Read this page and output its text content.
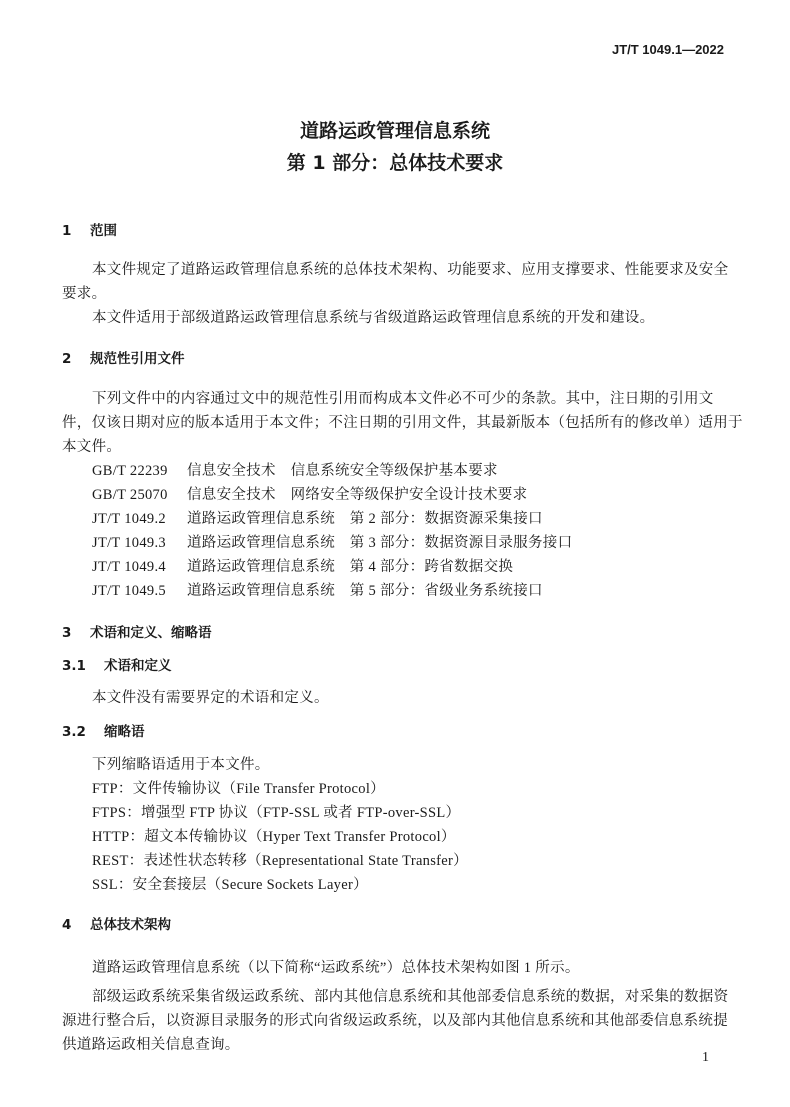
JT/T 1049.1—2022
道路运政管理信息系统
第 1 部分：总体技术要求
1 范围
本文件规定了道路运政管理信息系统的总体技术架构、功能要求、应用支撑要求、性能要求及安全
要求。
本文件适用于部级道路运政管理信息系统与省级道路运政管理信息系统的开发和建设。
2 规范性引用文件
下列文件中的内容通过文中的规范性引用而构成本文件必不可少的条款。其中，注日期的引用文
件，仅该日期对应的版本适用于本文件；不注日期的引用文件，其最新版本（包括所有的修改单）适用于
本文件。
GB/T 22239 信息安全技术　信息系统安全等级保护基本要求
GB/T 25070 信息安全技术　网络安全等级保护安全设计技术要求
JT/T 1049.2 道路运政管理信息系统　第 2 部分：数据资源采集接口
JT/T 1049.3 道路运政管理信息系统　第 3 部分：数据资源目录服务接口
JT/T 1049.4 道路运政管理信息系统　第 4 部分：跨省数据交换
JT/T 1049.5 道路运政管理信息系统　第 5 部分：省级业务系统接口
3 术语和定义、缩略语
3.1 术语和定义
本文件没有需要界定的术语和定义。
3.2 缩略语
下列缩略语适用于本文件。
FTP：文件传输协议（File Transfer Protocol）
FTPS：增强型 FTP 协议（FTP-SSL 或者 FTP-over-SSL）
HTTP：超文本传输协议（Hyper Text Transfer Protocol）
REST：表述性状态转移（Representational State Transfer）
SSL：安全套接层（Secure Sockets Layer）
4 总体技术架构
道路运政管理信息系统（以下简称“运政系统”）总体技术架构如图 1 所示。
部级运政系统采集省级运政系统、部内其他信息系统和其他部委信息系统的数据，对采集的数据资
源进行整合后，以资源目录服务的形式向省级运政系统，以及部内其他信息系统和其他部委信息系统提
供道路运政相关信息查询。
1
